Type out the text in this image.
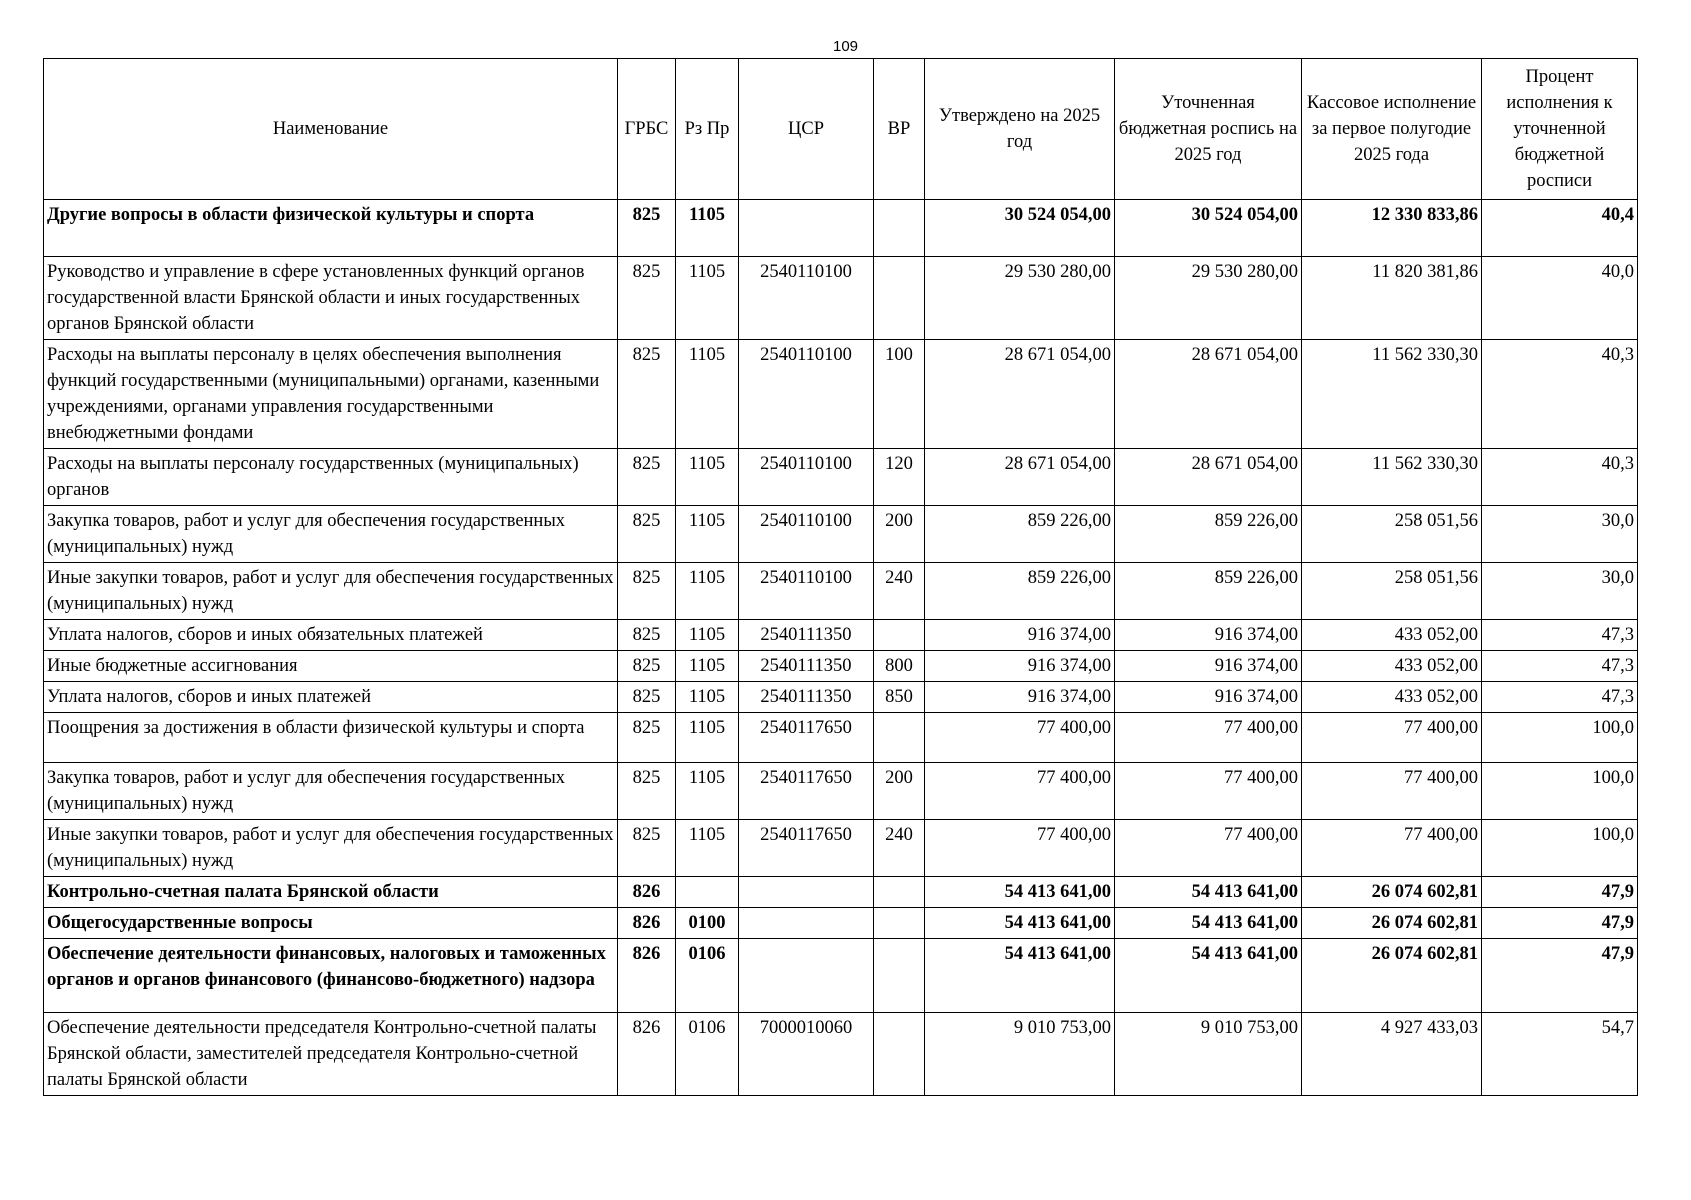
109
Наименование	ГРБС	Рз Пр	ЦСР	ВР	Утверждено на 2025 год	Уточненная бюджетная роспись на 2025 год	Кассовое исполнение за первое полугодие 2025 года	Процент исполнения к уточненной бюджетной росписи
Другие вопросы в области физической культуры и спорта	825	1105			30 524 054,00	30 524 054,00	12 330 833,86	40,4
Руководство и управление в сфере установленных функций органов государственной власти Брянской области и иных государственных органов Брянской области	825	1105	2540110100		29 530 280,00	29 530 280,00	11 820 381,86	40,0
Расходы на выплаты персоналу в целях обеспечения выполнения функций государственными (муниципальными) органами, казенными учреждениями, органами управления государственными внебюджетными фондами	825	1105	2540110100	100	28 671 054,00	28 671 054,00	11 562 330,30	40,3
Расходы на выплаты персоналу государственных (муниципальных) органов	825	1105	2540110100	120	28 671 054,00	28 671 054,00	11 562 330,30	40,3
Закупка товаров, работ и услуг для обеспечения государственных (муниципальных) нужд	825	1105	2540110100	200	859 226,00	859 226,00	258 051,56	30,0
Иные закупки товаров, работ и услуг для обеспечения государственных (муниципальных) нужд	825	1105	2540110100	240	859 226,00	859 226,00	258 051,56	30,0
Уплата налогов, сборов и иных обязательных платежей	825	1105	2540111350		916 374,00	916 374,00	433 052,00	47,3
Иные бюджетные ассигнования	825	1105	2540111350	800	916 374,00	916 374,00	433 052,00	47,3
Уплата налогов, сборов и иных платежей	825	1105	2540111350	850	916 374,00	916 374,00	433 052,00	47,3
Поощрения за достижения в области физической культуры и спорта	825	1105	2540117650		77 400,00	77 400,00	77 400,00	100,0
Закупка товаров, работ и услуг для обеспечения государственных (муниципальных) нужд	825	1105	2540117650	200	77 400,00	77 400,00	77 400,00	100,0
Иные закупки товаров, работ и услуг для обеспечения государственных (муниципальных) нужд	825	1105	2540117650	240	77 400,00	77 400,00	77 400,00	100,0
Контрольно-счетная палата Брянской области	826				54 413 641,00	54 413 641,00	26 074 602,81	47,9
Общегосударственные вопросы	826	0100			54 413 641,00	54 413 641,00	26 074 602,81	47,9
Обеспечение деятельности финансовых, налоговых и таможенных органов и органов финансового (финансово-бюджетного) надзора	826	0106			54 413 641,00	54 413 641,00	26 074 602,81	47,9
Обеспечение деятельности председателя Контрольно-счетной палаты Брянской области, заместителей председателя Контрольно-счетной палаты Брянской области	826	0106	7000010060		9 010 753,00	9 010 753,00	4 927 433,03	54,7
